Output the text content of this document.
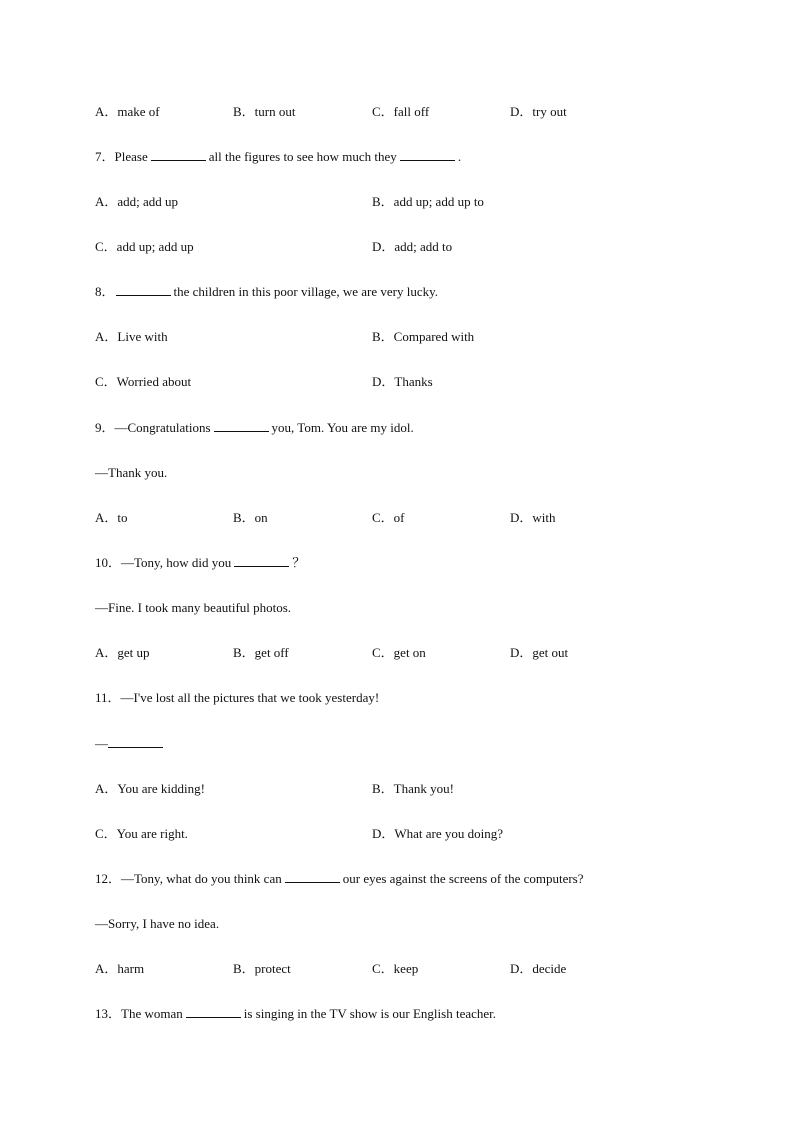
A．make of	B．turn out	C．fall off	D．try out
7．Please	all the figures to see how much they	.
A．add; add up	B．add up; add up to
C．add up; add up	D．add; add to
8．	the children in this poor village, we are very lucky.
A．Live with	B．Compared with
C．Worried about	D．Thanks
9．—Congratulations	you, Tom. You are my idol.
—Thank you.
A．to	B．on	C．of	D．with
10．—Tony, how did you	？
—Fine. I took many beautiful photos.
A．get up	B．get off	C．get on	D．get out
11．—I've lost all the pictures that we took yesterday!
—
A．You are kidding!	B．Thank you!
C．You are right.	D．What are you doing?
12．—Tony, what do you think can	our eyes against the screens of the computers?
—Sorry, I have no idea.
A．harm	B．protect	C．keep	D．decide
13．The woman	is singing in the TV show is our English teacher.
